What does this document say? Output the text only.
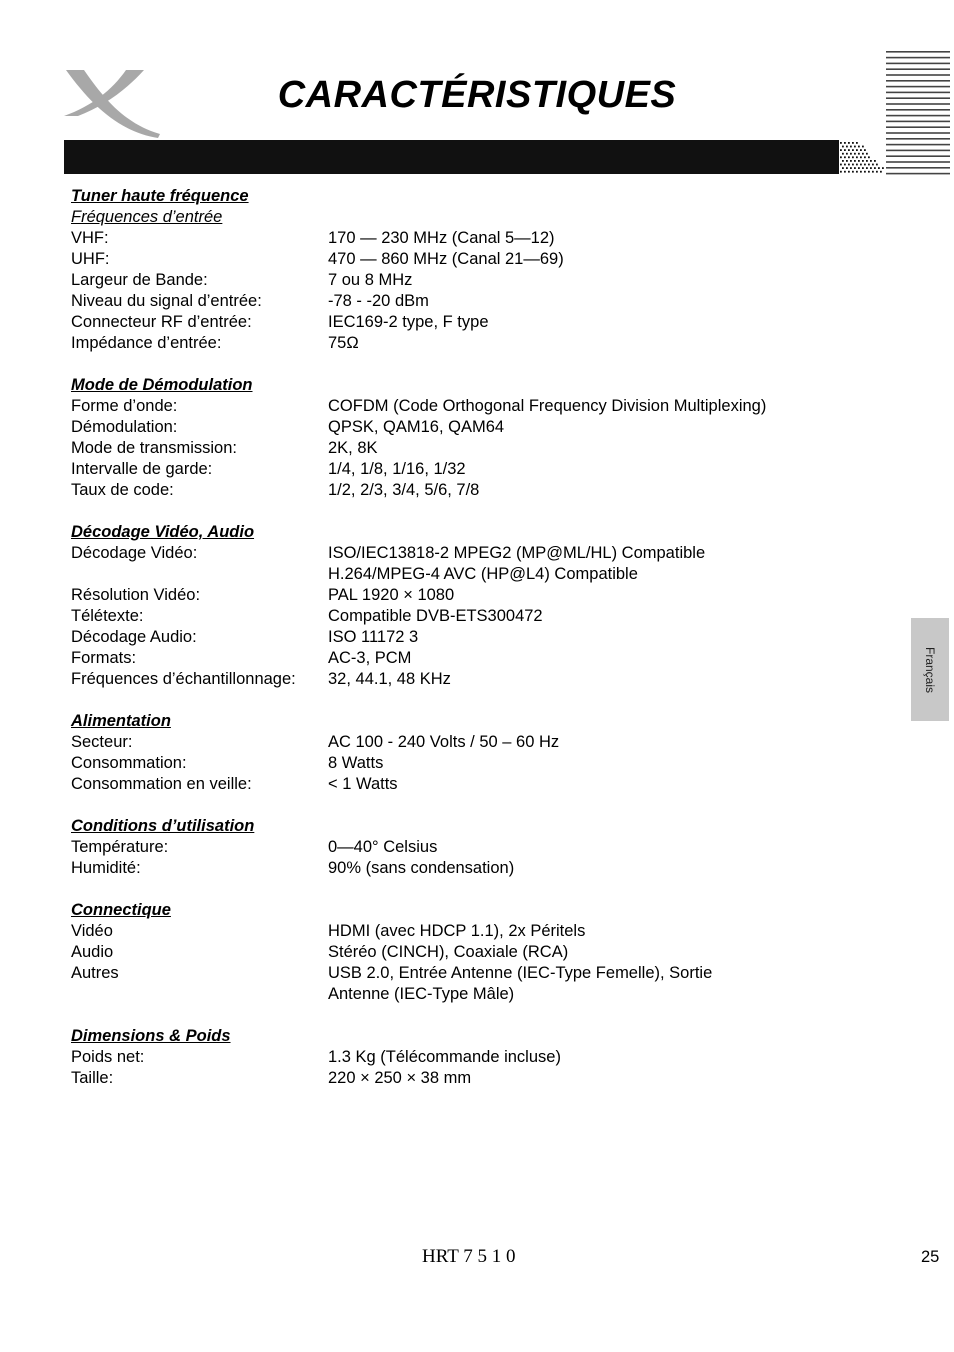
CARACTÉRISTIQUES
Tuner haute fréquence
Fréquences d’entrée
VHF:	170 — 230 MHz (Canal 5—12)
UHF:	470 — 860 MHz (Canal 21—69)
Largeur de Bande:	7 ou 8 MHz
Niveau du signal d’entrée:	-78 - -20 dBm
Connecteur RF d’entrée:	IEC169-2 type, F type
Impédance d’entrée:	75Ω
Mode de Démodulation
Forme d’onde:	COFDM (Code Orthogonal Frequency Division Multiplexing)
Démodulation:	QPSK, QAM16, QAM64
Mode de transmission:	2K, 8K
Intervalle de garde:	1/4, 1/8, 1/16, 1/32
Taux de code:	1/2, 2/3, 3/4, 5/6, 7/8
Décodage Vidéo, Audio
Décodage Vidéo:	ISO/IEC13818-2 MPEG2 (MP@ML/HL) Compatible
H.264/MPEG-4 AVC (HP@L4) Compatible
Résolution Vidéo:	PAL 1920 × 1080
Télétexte:	Compatible DVB-ETS300472
Décodage Audio:	ISO 11172 3
Formats:	AC-3, PCM
Fréquences d’échantillonnage: 32, 44.1, 48 KHz
Alimentation
Secteur:	AC 100 - 240 Volts / 50 – 60 Hz
Consommation:	8 Watts
Consommation en veille:	< 1 Watts
Conditions d’utilisation
Température:	0—40° Celsius
Humidité:	90% (sans condensation)
Connectique
Vidéo	HDMI (avec HDCP 1.1), 2x Péritels
Audio	Stéréo (CINCH), Coaxiale (RCA)
Autres	USB 2.0, Entrée Antenne (IEC-Type Femelle), Sortie
Antenne (IEC-Type Mâle)
Dimensions & Poids
Poids net:	1.3 Kg (Télécommande incluse)
Taille:	220 × 250 × 38 mm
Français
HRT 7 5 1 0	25
